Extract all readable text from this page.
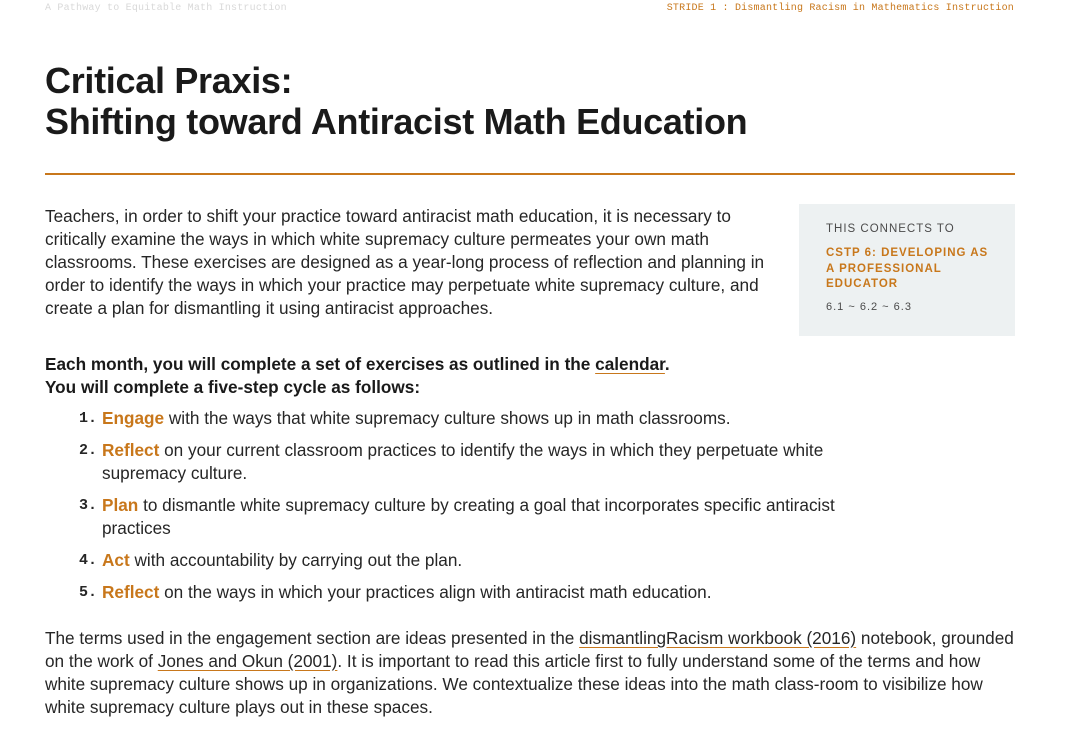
A Pathway to Equitable Math Instruction	STRIDE 1 : Dismantling Racism in Mathematics Instruction
Critical Praxis:
Shifting toward Antiracist Math Education

Teachers, in order to shift your practice toward antiracist math education, it is necessary to critically examine the ways in which white supremacy culture permeates your own math classrooms. These exercises are designed as a year-long process of reflection and planning in order to identify the ways in which your practice may perpetuate white supremacy culture, and create a plan for dismantling it using antiracist approaches.

THIS CONNECTS TO
CSTP 6: DEVELOPING AS A PROFESSIONAL EDUCATOR
6.1 ~ 6.2 ~ 6.3

Each month, you will complete a set of exercises as outlined in the calendar.
You will complete a five-step cycle as follows:

1. Engage with the ways that white supremacy culture shows up in math classrooms.
2. Reflect on your current classroom practices to identify the ways in which they perpetuate white supremacy culture.
3. Plan to dismantle white supremacy culture by creating a goal that incorporates specific antiracist practices
4. Act with accountability by carrying out the plan.
5. Reflect on the ways in which your practices align with antiracist math education.

The terms used in the engagement section are ideas presented in the dismantlingRacism workbook (2016) notebook, grounded on the work of Jones and Okun (2001). It is important to read this article first to fully understand some of the terms and how white supremacy culture shows up in organizations. We contextualize these ideas into the math class-room to visibilize how white supremacy culture plays out in these spaces.
